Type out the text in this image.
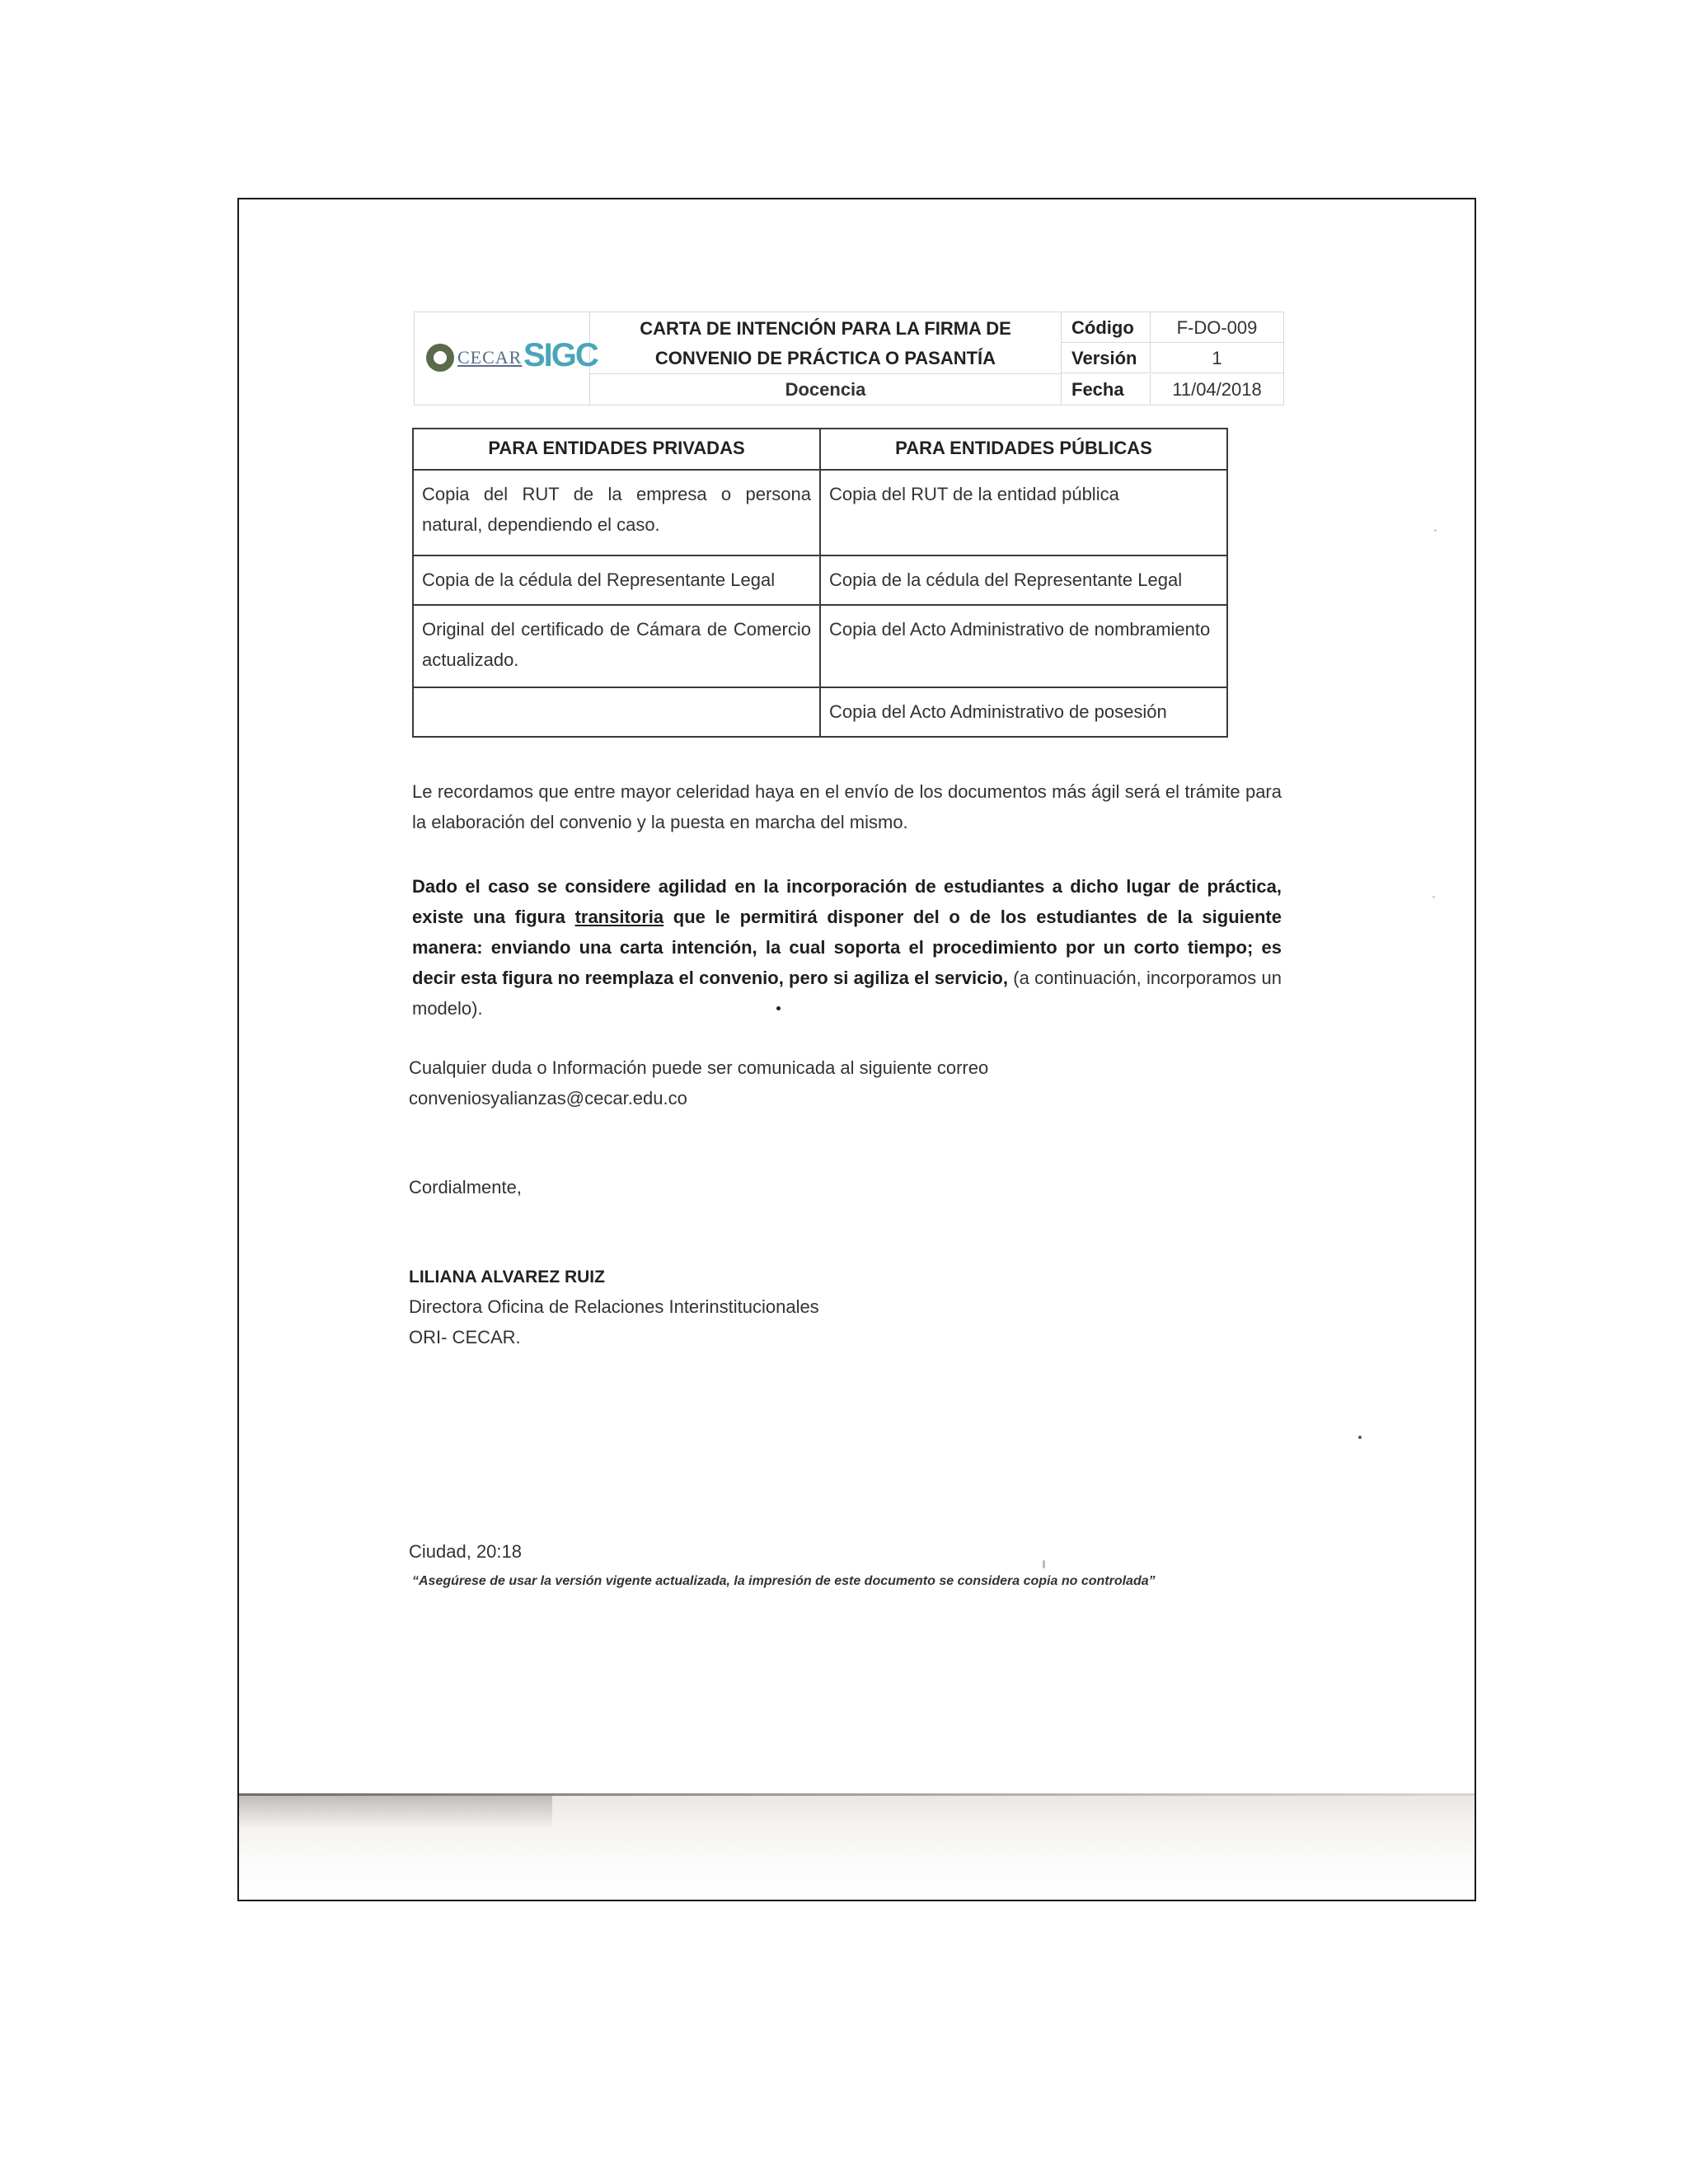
CECAR SIGC
CARTA DE INTENCIÓN PARA LA FIRMA DE
CONVENIO DE PRÁCTICA O PASANTÍA
Docencia
Código	F-DO-009
Versión	1
Fecha	11/04/2018
PARA ENTIDADES PRIVADAS	PARA ENTIDADES PÚBLICAS
Copia del RUT de la empresa o persona natural, dependiendo el caso.	Copia del RUT de la entidad pública
Copia de la cédula del Representante Legal	Copia de la cédula del Representante Legal
Original del certificado de Cámara de Comercio actualizado.	Copia del Acto Administrativo de nombramiento
	Copia del Acto Administrativo de posesión
Le recordamos que entre mayor celeridad haya en el envío de los documentos más ágil será el trámite para la elaboración del convenio y la puesta en marcha del mismo.
Dado el caso se considere agilidad en la incorporación de estudiantes a dicho lugar de práctica, existe una figura transitoria que le permitirá disponer del o de los estudiantes de la siguiente manera: enviando una carta intención, la cual soporta el procedimiento por un corto tiempo; es decir esta figura no reemplaza el convenio, pero si agiliza el servicio, (a continuación, incorporamos un modelo).
Cualquier duda o Información puede ser comunicada al siguiente correo
conveniosyalianzas@cecar.edu.co
Cordialmente,
LILIANA ALVAREZ RUIZ
Directora Oficina de Relaciones Interinstitucionales
ORI- CECAR.
Ciudad, 20:18
“Asegúrese de usar la versión vigente actualizada, la impresión de este documento se considera copia no controlada”
